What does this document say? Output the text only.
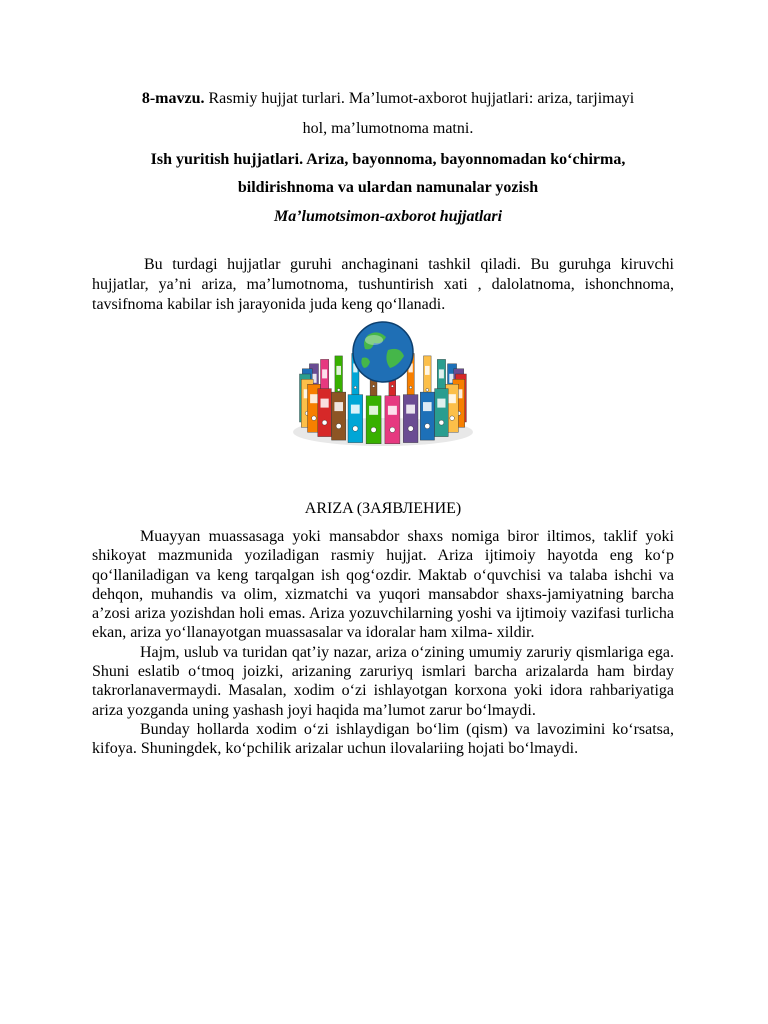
8-mavzu. Rasmiy hujjat turlari. Ma’lumot-axborot hujjatlari: ariza, tarjimayi
hol, ma’lumotnoma matni.
Ish yuritish hujjatlari. Ariza, bayonnoma, bayonnomadan ko‘chirma,
bildirishnoma va ulardan namunalar yozish
Ma’lumotsimon-axborot hujjatlari

Bu turdagi hujjatlar guruhi anchaginani tashkil qiladi. Bu guruhga kiruvchi hujjatlar, ya’ni ariza, ma’lumotnoma, tushuntirish xati , dalolatnoma, ishonchnoma, tavsifnoma kabilar ish jarayonida juda keng qo‘llanadi.

ARIZA (ЗАЯВЛЕНИЕ)

Muayyan muassasaga yoki mansabdor shaxs nomiga biror iltimos, taklif yoki shikoyat mazmunida yoziladigan rasmiy hujjat. Ariza ijtimoiy hayotda eng ko‘p qo‘llaniladigan va keng tarqalgan ish qog‘ozdir. Maktab o‘quvchisi va talaba ishchi va dehqon, muhandis va olim, xizmatchi va yuqori mansabdor shaxs-jamiyatning barcha a’zosi ariza yozishdan holi emas. Ariza yozuvchilarning yoshi va ijtimoiy vazifasi turlicha ekan, ariza yo‘llanayotgan muassasalar va idoralar ham xilma- xildir.

Hajm, uslub va turidan qat’iy nazar, ariza o‘zining umumiy zaruriy qismlariga ega. Shuni eslatib o‘tmoq joizki, arizaning zaruriyq ismlari barcha arizalarda ham birday takrorlanavermaydi. Masalan, xodim o‘zi ishlayotgan korxona yoki idora rahbariyatiga ariza yozganda uning yashash joyi haqida ma’lumot zarur bo‘lmaydi.

Bunday hollarda xodim o‘zi ishlaydigan bo‘lim (qism) va lavozimini ko‘rsatsa, kifoya. Shuningdek, ko‘pchilik arizalar uchun ilovalariing hojati bo‘lmaydi.
